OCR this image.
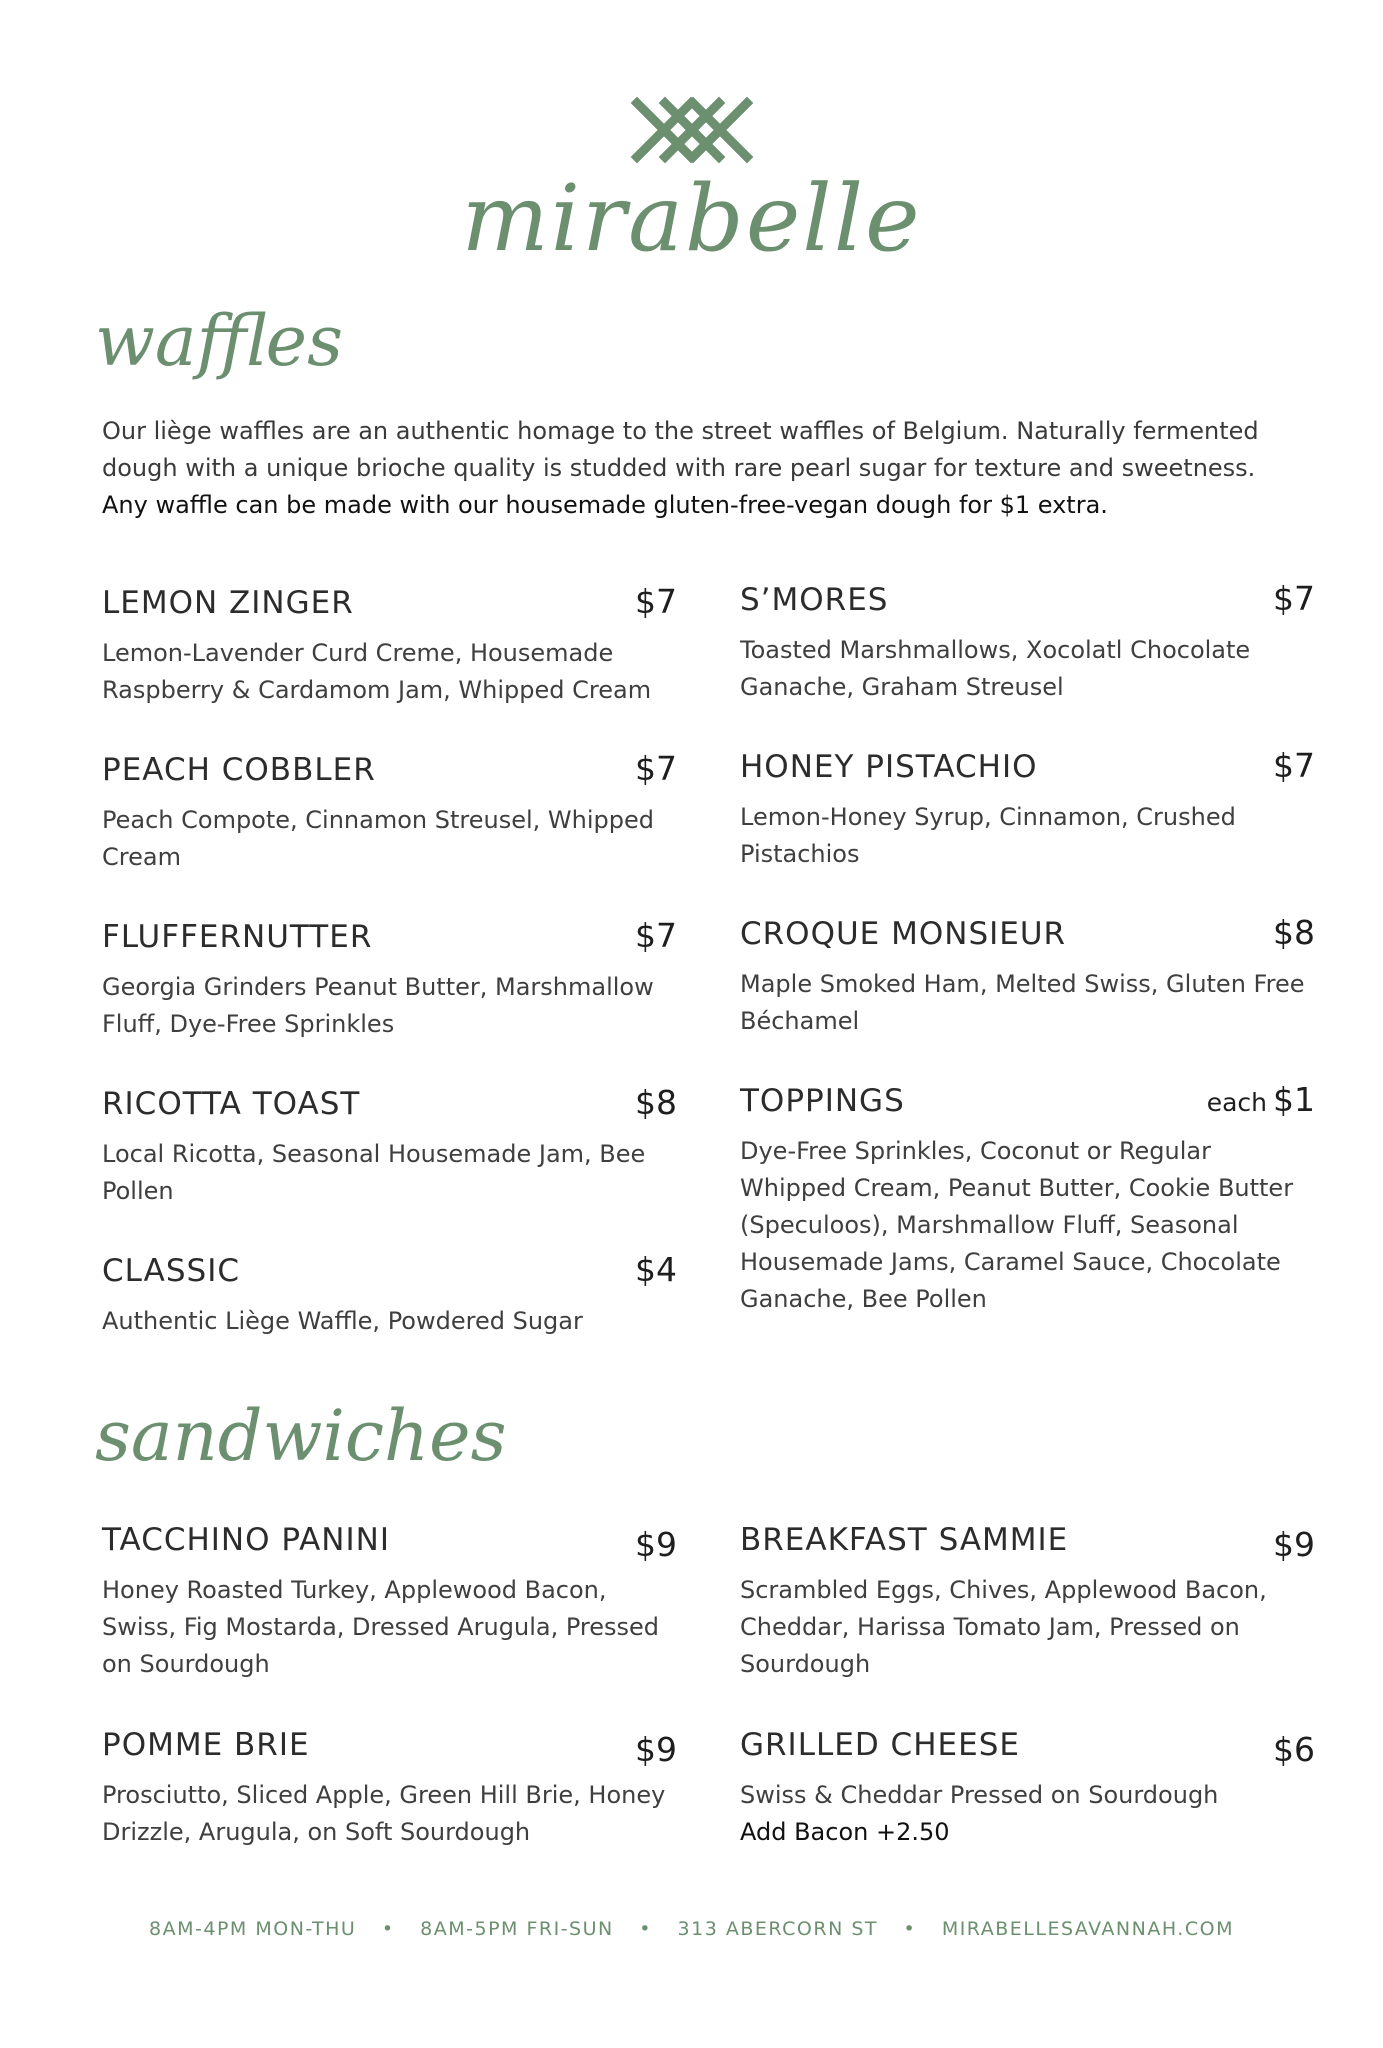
mirabelle
waffles
Our liège waffles are an authentic homage to the street waffles of Belgium. Naturally fermented dough with a unique brioche quality is studded with rare pearl sugar for texture and sweetness.
Any waffle can be made with our housemade gluten-free-vegan dough for $1 extra.
LEMON ZINGER	$7
Lemon-Lavender Curd Creme, Housemade Raspberry & Cardamom Jam, Whipped Cream
PEACH COBBLER	$7
Peach Compote, Cinnamon Streusel, Whipped Cream
FLUFFERNUTTER	$7
Georgia Grinders Peanut Butter, Marshmallow Fluff, Dye-Free Sprinkles
RICOTTA TOAST	$8
Local Ricotta, Seasonal Housemade Jam, Bee Pollen
CLASSIC	$4
Authentic Liège Waffle, Powdered Sugar
S’MORES	$7
Toasted Marshmallows, Xocolatl Chocolate Ganache, Graham Streusel
HONEY PISTACHIO	$7
Lemon-Honey Syrup, Cinnamon, Crushed Pistachios
CROQUE MONSIEUR	$8
Maple Smoked Ham, Melted Swiss, Gluten Free Béchamel
TOPPINGS	each $1
Dye-Free Sprinkles, Coconut or Regular Whipped Cream, Peanut Butter, Cookie Butter (Speculoos), Marshmallow Fluff, Seasonal Housemade Jams, Caramel Sauce, Chocolate Ganache, Bee Pollen
sandwiches
TACCHINO PANINI	$9
Honey Roasted Turkey, Applewood Bacon, Swiss, Fig Mostarda, Dressed Arugula, Pressed on Sourdough
POMME BRIE	$9
Prosciutto, Sliced Apple, Green Hill Brie, Honey Drizzle, Arugula, on Soft Sourdough
BREAKFAST SAMMIE	$9
Scrambled Eggs, Chives, Applewood Bacon, Cheddar, Harissa Tomato Jam, Pressed on Sourdough
GRILLED CHEESE	$6
Swiss & Cheddar Pressed on Sourdough
Add Bacon +2.50
8AM-4PM MON-THU • 8AM-5PM FRI-SUN • 313 ABERCORN ST • MIRABELLESAVANNAH.COM
